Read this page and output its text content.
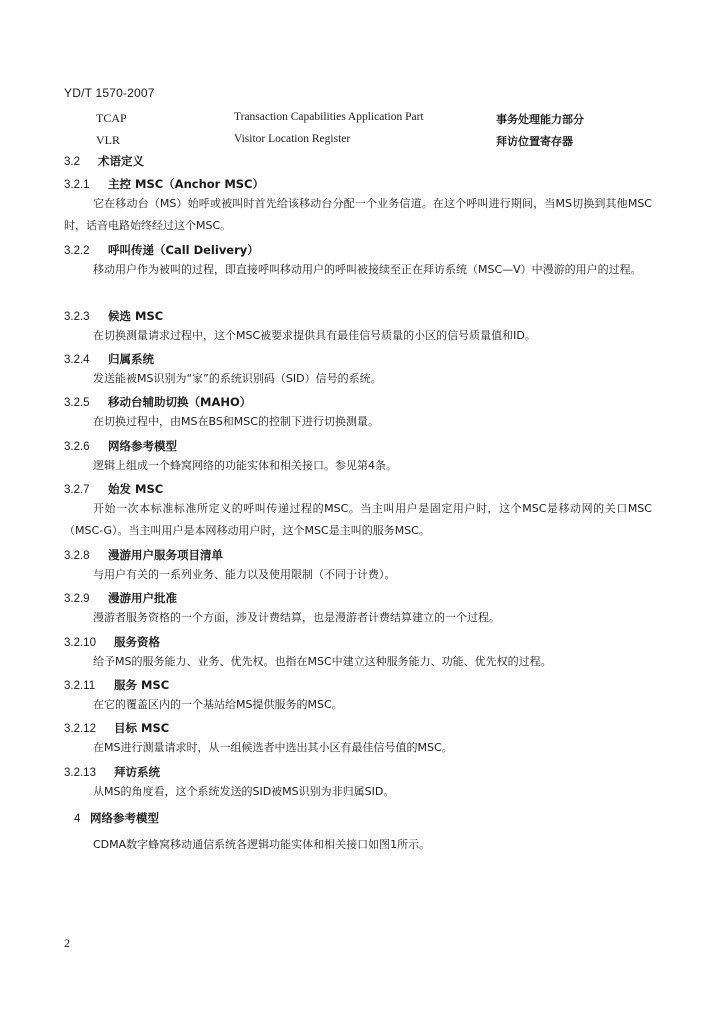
YD/T 1570-2007
TCAP	Transaction Capabilities Application Part	事务处理能力部分
VLR	Visitor Location Register	拜访位置寄存器
3.2 术语定义
3.2.1 主控 MSC（Anchor MSC）
它在移动台（MS）始呼或被叫时首先给该移动台分配一个业务信道。在这个呼叫进行期间，当MS切换到其他MSC时，话音电路始终经过这个MSC。
3.2.2 呼叫传递（Call Delivery）
移动用户作为被叫的过程，即直接呼叫移动用户的呼叫被接续至正在拜访系统（MSC—V）中漫游的用户的过程。
3.2.3 候选 MSC
在切换测量请求过程中，这个MSC被要求提供具有最佳信号质量的小区的信号质量值和ID。
3.2.4 归属系统
发送能被MS识别为“家”的系统识别码（SID）信号的系统。
3.2.5 移动台辅助切换（MAHO）
在切换过程中，由MS在BS和MSC的控制下进行切换测量。
3.2.6 网络参考模型
逻辑上组成一个蜂窝网络的功能实体和相关接口。参见第4条。
3.2.7 始发 MSC
开始一次本标准标准所定义的呼叫传递过程的MSC。当主叫用户是固定用户时，这个MSC是移动网的关口MSC（MSC-G）。当主叫用户是本网移动用户时，这个MSC是主叫的服务MSC。
3.2.8 漫游用户服务项目清单
与用户有关的一系列业务、能力以及使用限制（不同于计费）。
3.2.9 漫游用户批准
漫游者服务资格的一个方面，涉及计费结算，也是漫游者计费结算建立的一个过程。
3.2.10 服务资格
给予MS的服务能力、业务、优先权。也指在MSC中建立这种服务能力、功能、优先权的过程。
3.2.11 服务 MSC
在它的覆盖区内的一个基站给MS提供服务的MSC。
3.2.12 目标 MSC
在MS进行测量请求时，从一组候选者中选出其小区有最佳信号值的MSC。
3.2.13 拜访系统
从MS的角度看，这个系统发送的SID被MS识别为非归属SID。
4 网络参考模型
CDMA数字蜂窝移动通信系统各逻辑功能实体和相关接口如图1所示。
2
